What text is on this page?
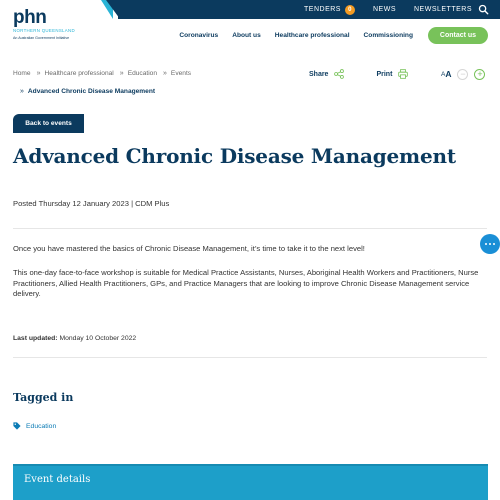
TENDERS	0	NEWS	NEWSLETTERS
phn
NORTHERN QUEENSLAND
An Australian Government Initiative	Coronavirus About us Healthcare professional Commissioning	Contact us
Home » Healthcare professional » Education » Events
» Advanced Chronic Disease Management
Share	Print	A A −	+
Back to events
Advanced Chronic Disease Management
Posted Thursday 12 January 2023 | CDM Plus

Once you have mastered the basics of Chronic Disease Management, it’s time to take it to the next level!

This one-day face-to-face workshop is suitable for Medical Practice Assistants, Nurses, Aboriginal Health Workers and Practitioners, Nurse Practitioners, Allied Health Practitioners, GPs, and Practice Managers that are looking to improve Chronic Disease Management service delivery.

Last updated: Monday 10 October 2022
Tagged in
Education
Event details
